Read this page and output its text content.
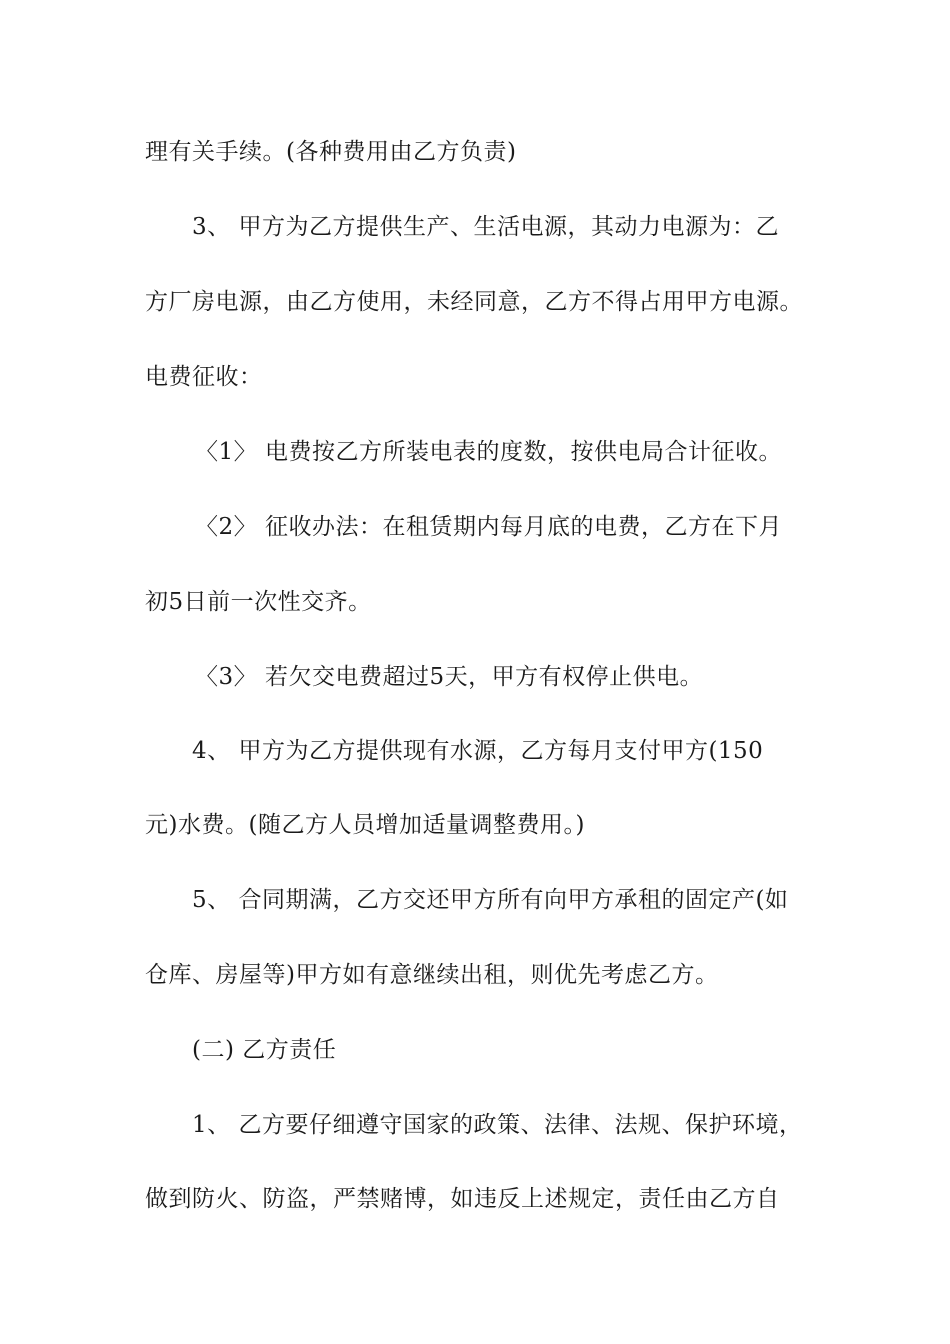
理有关手续。(各种费用由乙方负责)
3、 甲方为乙方提供生产、生活电源，其动力电源为：乙
方厂房电源，由乙方使用，未经同意，乙方不得占用甲方电源。
电费征收：
〈1〉 电费按乙方所装电表的度数，按供电局合计征收。
〈2〉 征收办法：在租赁期内每月底的电费，乙方在下月
初5日前一次性交齐。
〈3〉 若欠交电费超过5天，甲方有权停止供电。
4、 甲方为乙方提供现有水源，乙方每月支付甲方(150
元)水费。(随乙方人员增加适量调整费用。)
5、 合同期满，乙方交还甲方所有向甲方承租的固定产(如
仓库、房屋等)甲方如有意继续出租，则优先考虑乙方。
(二) 乙方责任
1、 乙方要仔细遵守国家的政策、法律、法规、保护环境，
做到防火、防盗，严禁赌博，如违反上述规定，责任由乙方自
